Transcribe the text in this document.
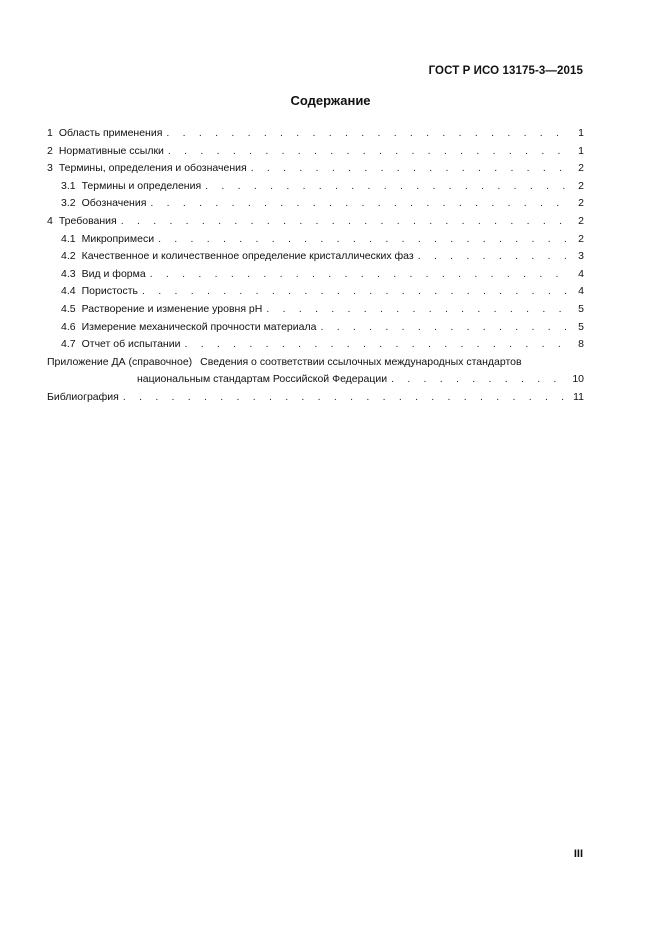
ГОСТ Р ИСО 13175-3—2015
Содержание
1 Область применения . . .	1
2 Нормативные ссылки . . .	1
3 Термины, определения и обозначения . . .	2
3.1 Термины и определения . . .	2
3.2 Обозначения . . .	2
4 Требования . . .	2
4.1 Микропримеси . . .	2
4.2 Качественное и количественное определение кристаллических фаз . . .	3
4.3 Вид и форма . . .	4
4.4 Пористость . . .	4
4.5 Растворение и изменение уровня pH . . .	5
4.6 Измерение механической прочности материала . . .	5
4.7 Отчет об испытании . . .	8
Приложение ДА (справочное) Сведения о соответствии ссылочных международных стандартов
национальным стандартам Российской Федерации . . .	10
Библиография . . .	11
III
